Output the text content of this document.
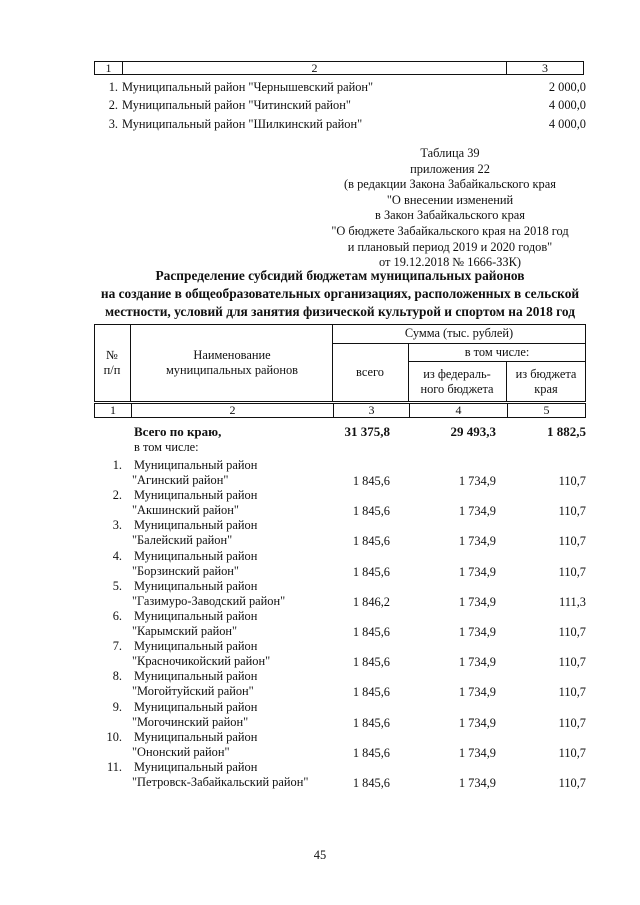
1	2	3
1. Муниципальный район "Чернышевский район"	2 000,0
2. Муниципальный район "Читинский район"	4 000,0
3. Муниципальный район "Шилкинский район"	4 000,0
Таблица 39
приложения 22
(в редакции Закона Забайкальского края
"О внесении изменений
в Закон Забайкальского края
"О бюджете Забайкальского края на 2018 год
и плановый период 2019 и 2020 годов"
от 19.12.2018 № 1666-ЗЗК)
Распределение субсидий бюджетам муниципальных районов
на создание в общеобразовательных организациях, расположенных в сельской
местности, условий для занятия физической культурой и спортом на 2018 год
№ п/п
Наименование муниципальных районов
Сумма (тыс. рублей)
всего
в том числе:
из федераль- ного бюджета
из бюджета края
1	2	3	4	5
Всего по краю,
в том числе:
31 375,8	29 493,3	1 882,5
1. Муниципальный район
"Агинский район"	1 845,6	1 734,9	110,7
2. Муниципальный район
"Акшинский район"	1 845,6	1 734,9	110,7
3. Муниципальный район
"Балейский район"	1 845,6	1 734,9	110,7
4. Муниципальный район
"Борзинский район"	1 845,6	1 734,9	110,7
5. Муниципальный район
"Газимуро-Заводский район"	1 846,2	1 734,9	111,3
6. Муниципальный район
"Карымский район"	1 845,6	1 734,9	110,7
7. Муниципальный район
"Красночикойский район"	1 845,6	1 734,9	110,7
8. Муниципальный район
"Могойтуйский район"	1 845,6	1 734,9	110,7
9. Муниципальный район
"Могочинский район"	1 845,6	1 734,9	110,7
10. Муниципальный район
"Ононский район"	1 845,6	1 734,9	110,7
11. Муниципальный район
"Петровск-Забайкальский район"	1 845,6	1 734,9	110,7
45
